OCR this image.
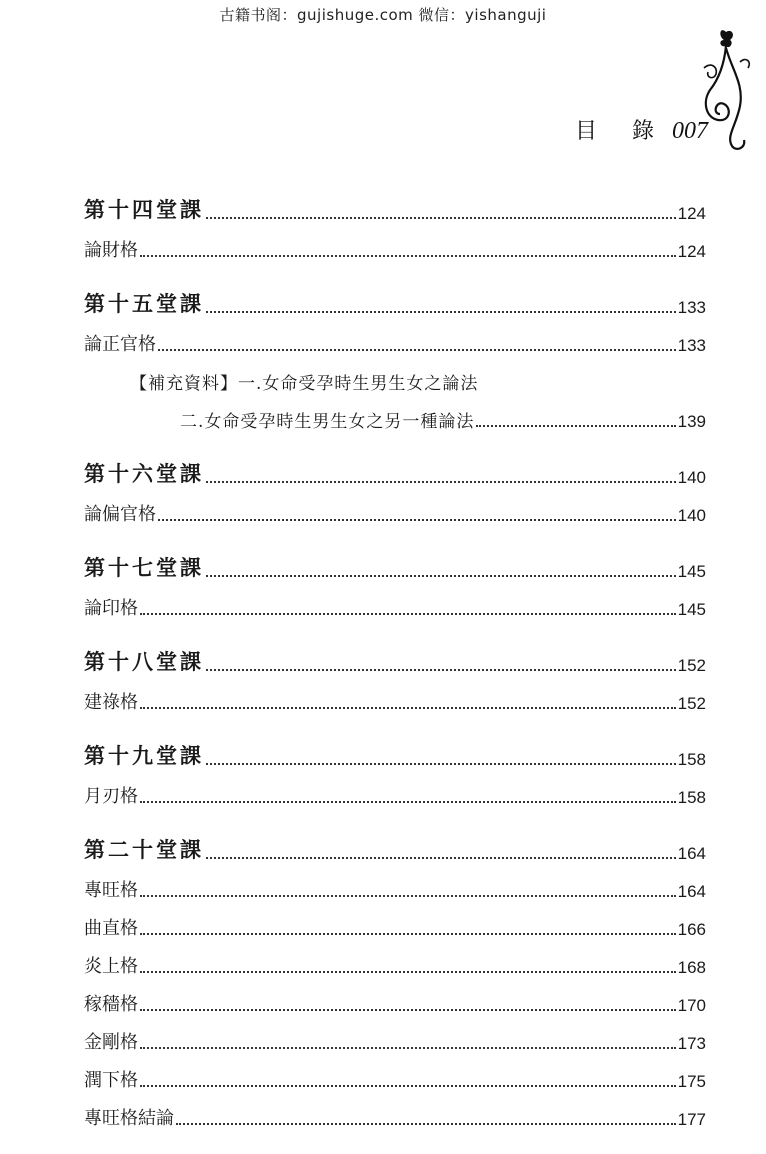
古籍书阁：gujishuge.com 微信：yishanguji
目 錄 007
第十四堂課	124
論財格	124
第十五堂課	133
論正官格	133
【補充資料】一.女命受孕時生男生女之論法
二.女命受孕時生男生女之另一種論法	139
第十六堂課	140
論偏官格	140
第十七堂課	145
論印格	145
第十八堂課	152
建祿格	152
第十九堂課	158
月刃格	158
第二十堂課	164
專旺格	164
曲直格	166
炎上格	168
稼穡格	170
金剛格	173
潤下格	175
專旺格結論	177
